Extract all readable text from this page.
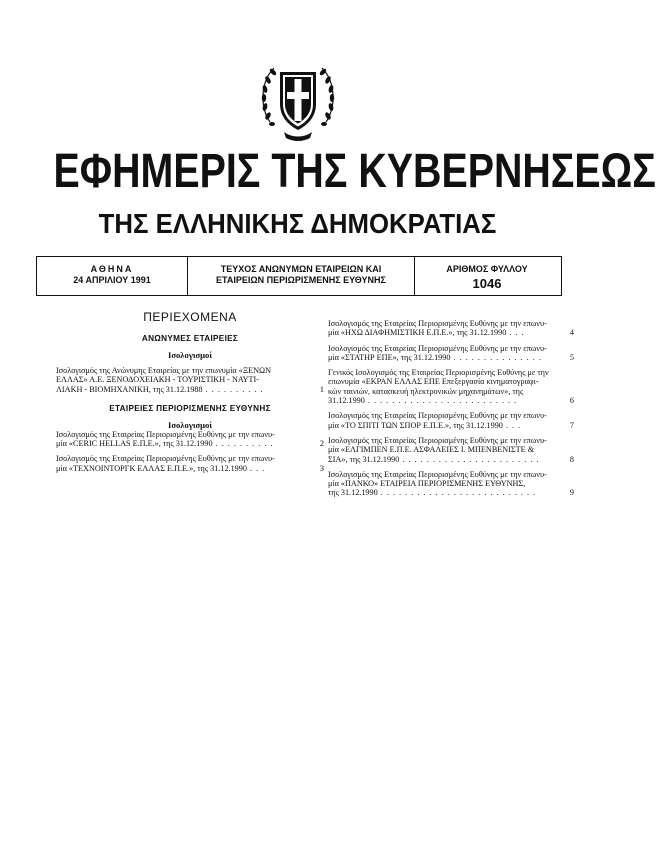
ΕΦΗΜΕΡΙΣ ΤΗΣ ΚΥΒΕΡΝΗΣΕΩΣ
ΤΗΣ ΕΛΛΗΝΙΚΗΣ ΔΗΜΟΚΡΑΤΙΑΣ
ΑΘΗΝΑ
24 ΑΠΡΙΛΙΟΥ 1991
ΤΕΥΧΟΣ ΑΝΩΝΥΜΩΝ ΕΤΑΙΡΕΙΩΝ ΚΑΙ
ΕΤΑΙΡΕΙΩΝ ΠΕΡΙΩΡΙΣΜΕΝΗΣ ΕΥΘΥΝΗΣ
ΑΡΙΘΜΟΣ ΦΥΛΛΟΥ
1046
ΠΕΡΙΕΧΟΜΕΝΑ
ΑΝΩΝΥΜΕΣ ΕΤΑΙΡΕΙΕΣ
Ισολογισμοί
Ισολογισμός της Ανώνυμης Εταιρείας με την επωνυμία «ΞΕΝΩΝ
ΕΛΛΑΣ» Α.Ε. ΞΕΝΟΔΟΧΕΙΑΚΗ - ΤΟΥΡΙΣΤΙΚΗ - ΝΑΥΤΙ-
ΛΙΑΚΗ - ΒΙΟΜΗΧΑΝΙΚΗ, της 31.12.1988 . . . . . . . . . .	1
ΕΤΑΙΡΕΙΕΣ ΠΕΡΙΟΡΙΣΜΕΝΗΣ ΕΥΘΥΝΗΣ
Ισολογισμοί
Ισολογισμός της Εταιρείας Περιορισμένης Ευθύνης με την επωνυ-
μία «CERIC HELLAS Ε.Π.Ε.», της 31.12.1990 . . . . . . . . . .	2
Ισολογισμός της Εταιρείας Περιορισμένης Ευθύνης με την επωνυ-
μία «ΤΕΧΝΟΙΝΤΟΡΓΚ ΕΛΛΑΣ Ε.Π.Ε.», της 31.12.1990 . . .	3
Ισολογισμός της Εταιρείας Περιορισμένης Ευθύνης με την επωνυ-
μία «ΗΧΩ ΔΙΑΦΗΜΙΣΤΙΚΗ Ε.Π.Ε.», της 31.12.1990 . . .	4
Ισολογισμός της Εταιρείας Περιορισμένης Ευθύνης με την επωνυ-
μία «ΣΤΑΤΗΡ ΕΠΕ», της 31.12.1990 . . . . . . . . . . . . . . .	5
Γενικός Ισολογισμός της Εταιρείας Περιορισμένης Ευθύνης με την
επωνυμία «ΕΚΡΑΝ ΕΛΛΑΣ ΕΠΕ Επεξεργασία κινηματογραφι-
κών ταινιών, κατασκευή ηλεκτρονικών μηχανημάτων», της
31.12.1990 . . . . . . . . . . . . . . . . . . . . . . . . .	6
Ισολογισμός της Εταιρείας Περιορισμένης Ευθύνης με την επωνυ-
μία «ΤΟ ΣΠΙΤΙ ΤΩΝ ΣΠΟΡ Ε.Π.Ε.», της 31.12.1990 . . .	7
Ισολογισμός της Εταιρείας Περιορισμένης Ευθύνης με την επωνυ-
μία «ΕΛΓΙΜΠΕΝ Ε.Π.Ε. ΑΣΦΑΛΕΙΕΣ Ι. ΜΠΕΝΒΕΝΙΣΤΕ &
ΣΙΑ», της 31.12.1990 . . . . . . . . . . . . . . . . . . . . . . .	8
Ισολογισμός της Εταιρείας Περιορισμένης Ευθύνης με την επωνυ-
μία «ΠΑΝΚΟ» ΕΤΑΙΡΕΙΑ ΠΕΡΙΟΡΙΣΜΕΝΗΣ ΕΥΘΥΝΗΣ,
της 31.12.1990 . . . . . . . . . . . . . . . . . . . . . . . . . .	9
